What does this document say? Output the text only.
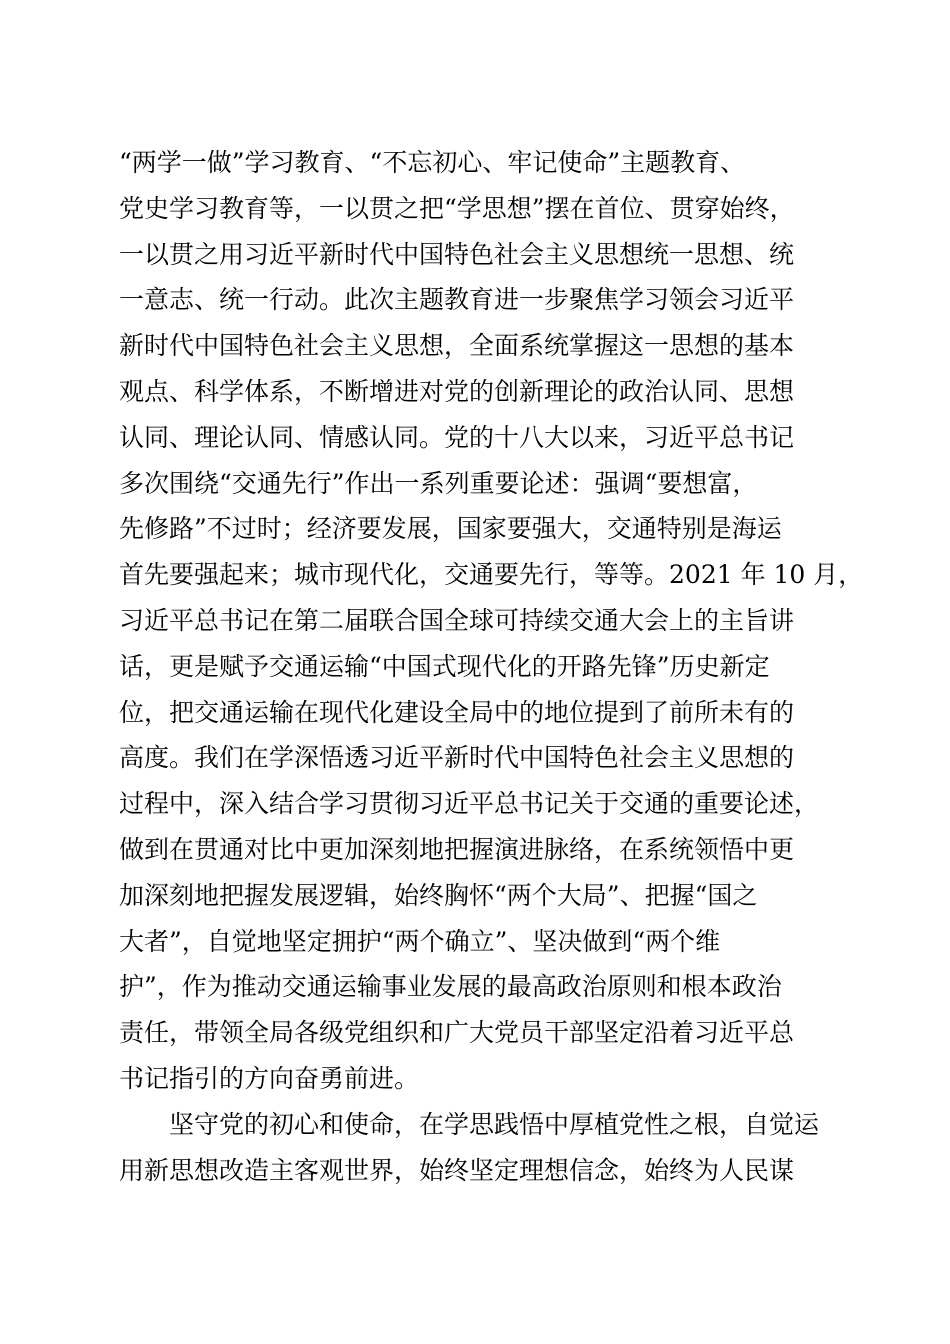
“两学一做”学习教育、“不忘初心、牢记使命”主题教育、
党史学习教育等，一以贯之把“学思想”摆在首位、贯穿始终，
一以贯之用习近平新时代中国特色社会主义思想统一思想、统
一意志、统一行动。此次主题教育进一步聚焦学习领会习近平
新时代中国特色社会主义思想，全面系统掌握这一思想的基本
观点、科学体系，不断增进对党的创新理论的政治认同、思想
认同、理论认同、情感认同。党的十八大以来，习近平总书记
多次围绕“交通先行”作出一系列重要论述：强调“要想富，
先修路”不过时；经济要发展，国家要强大，交通特别是海运
首先要强起来；城市现代化，交通要先行，等等。2021 年 10 月，
习近平总书记在第二届联合国全球可持续交通大会上的主旨讲
话，更是赋予交通运输“中国式现代化的开路先锋”历史新定
位，把交通运输在现代化建设全局中的地位提到了前所未有的
高度。我们在学深悟透习近平新时代中国特色社会主义思想的
过程中，深入结合学习贯彻习近平总书记关于交通的重要论述，
做到在贯通对比中更加深刻地把握演进脉络，在系统领悟中更
加深刻地把握发展逻辑，始终胸怀“两个大局”、把握“国之
大者”，自觉地坚定拥护“两个确立”、坚决做到“两个维
护”，作为推动交通运输事业发展的最高政治原则和根本政治
责任，带领全局各级党组织和广大党员干部坚定沿着习近平总
书记指引的方向奋勇前进。
　　坚守党的初心和使命，在学思践悟中厚植党性之根，自觉运
用新思想改造主客观世界，始终坚定理想信念，始终为人民谋
